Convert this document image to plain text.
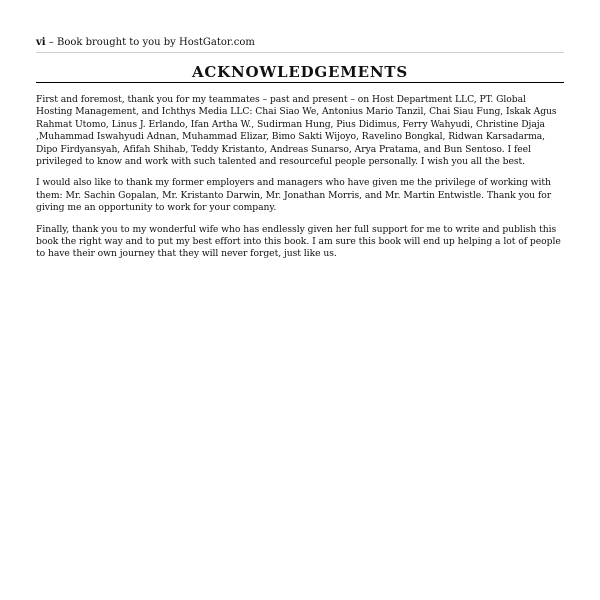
vi – Book brought to you by HostGator.com
ACKNOWLEDGEMENTS

First and foremost, thank you for my teammates – past and present – on Host Department LLC, PT. Global Hosting Management, and Ichthys Media LLC: Chai Siao We, Antonius Mario Tanzil, Chai Siau Fung, Iskak Agus Rahmat Utomo, Linus J. Erlando, Ifan Artha W., Sudirman Hung, Pius Didimus, Ferry Wahyudi, Christine Djaja ,Muhammad Iswahyudi Adnan, Muhammad Elizar, Bimo Sakti Wijoyo, Ravelino Bongkal, Ridwan Karsadarma, Dipo Firdyansyah, Afifah Shihab, Teddy Kristanto, Andreas Sunarso, Arya Pratama, and Bun Sentoso. I feel privileged to know and work with such talented and resourceful people personally. I wish you all the best.

I would also like to thank my former employers and managers who have given me the privilege of working with them: Mr. Sachin Gopalan, Mr. Kristanto Darwin, Mr. Jonathan Morris, and Mr. Martin Entwistle. Thank you for giving me an opportunity to work for your company.

Finally, thank you to my wonderful wife who has endlessly given her full support for me to write and publish this book the right way and to put my best effort into this book. I am sure this book will end up helping a lot of people to have their own journey that they will never forget, just like us.
